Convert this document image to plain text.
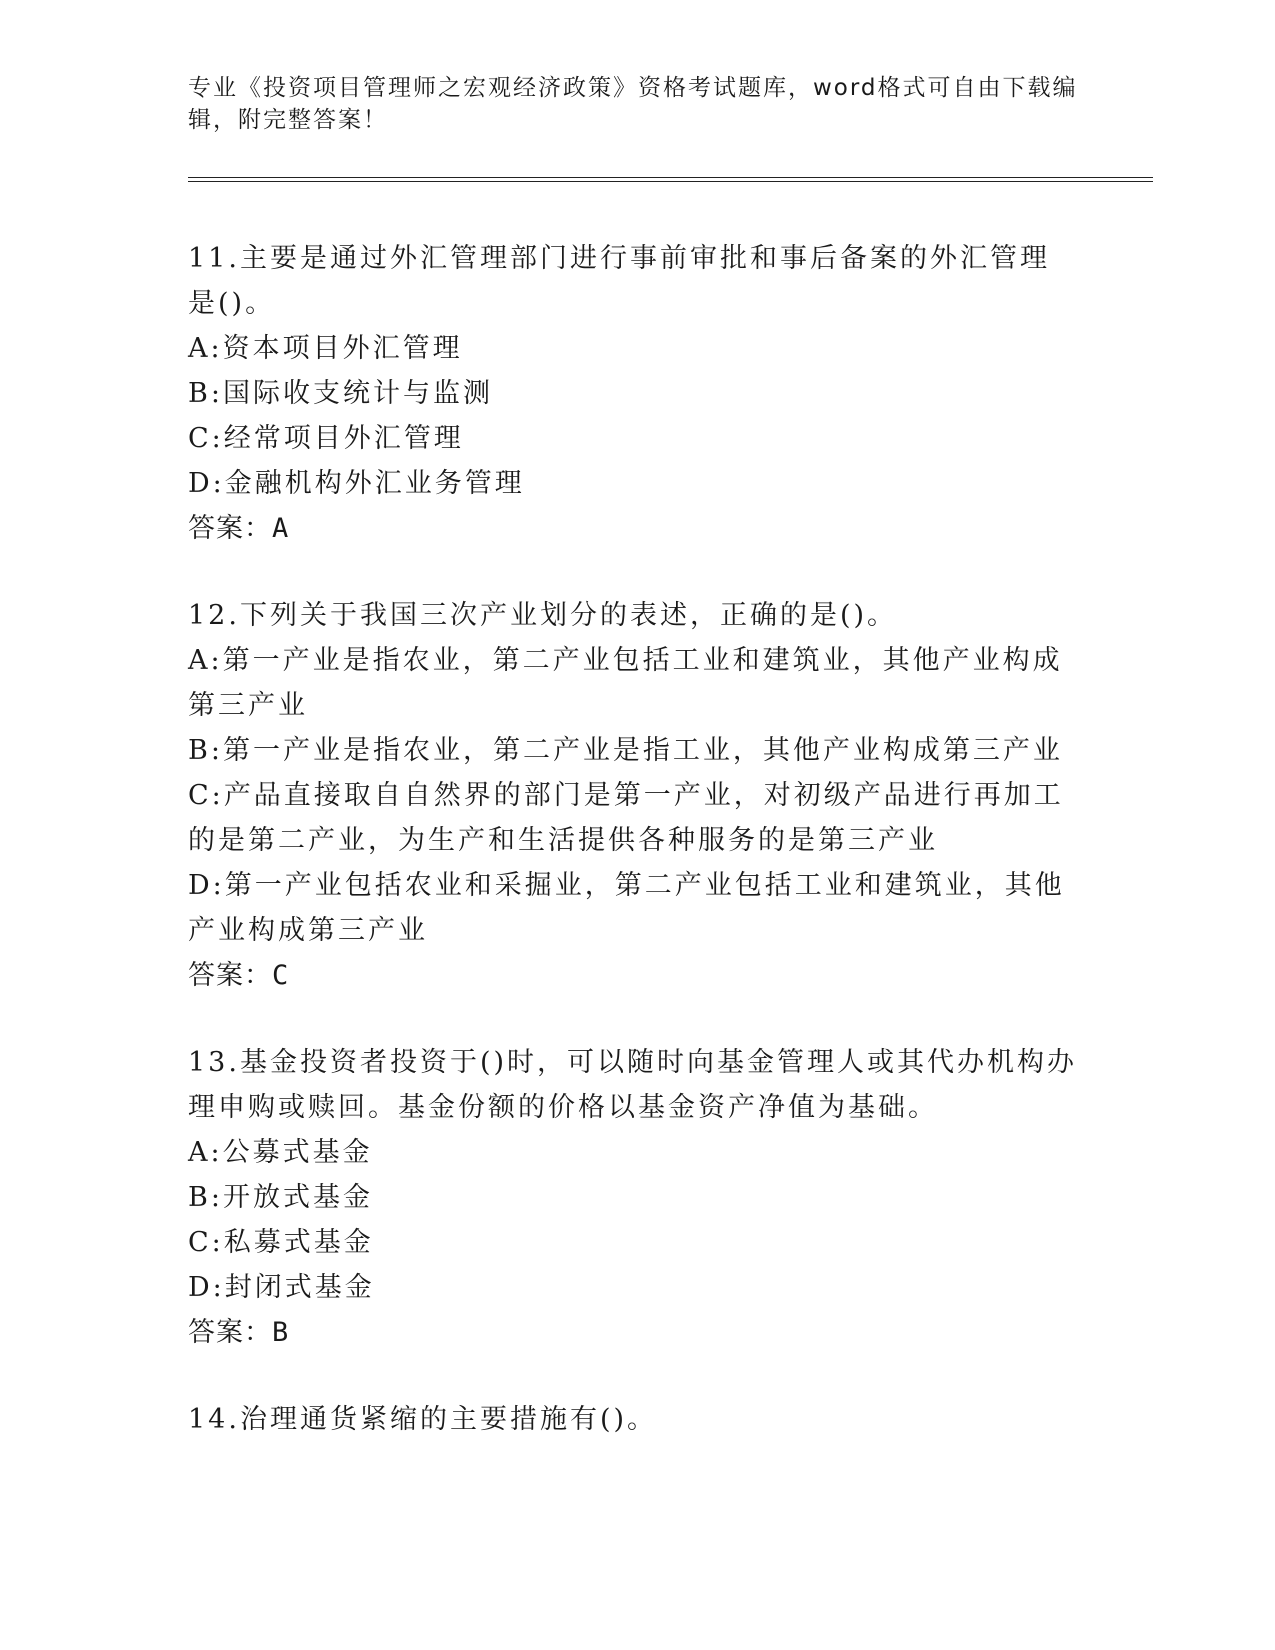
专业《投资项目管理师之宏观经济政策》资格考试题库，word格式可自由下载编辑，附完整答案！

11.主要是通过外汇管理部门进行事前审批和事后备案的外汇管理是()。

A:资本项目外汇管理

B:国际收支统计与监测

C:经常项目外汇管理

D:金融机构外汇业务管理

答案：A

12.下列关于我国三次产业划分的表述，正确的是()。

A:第一产业是指农业，第二产业包括工业和建筑业，其他产业构成第三产业

B:第一产业是指农业，第二产业是指工业，其他产业构成第三产业

C:产品直接取自自然界的部门是第一产业，对初级产品进行再加工的是第二产业，为生产和生活提供各种服务的是第三产业

D:第一产业包括农业和采掘业，第二产业包括工业和建筑业，其他产业构成第三产业

答案：C

13.基金投资者投资于()时，可以随时向基金管理人或其代办机构办理申购或赎回。基金份额的价格以基金资产净值为基础。

A:公募式基金

B:开放式基金

C:私募式基金

D:封闭式基金

答案：B

14.治理通货紧缩的主要措施有()。
